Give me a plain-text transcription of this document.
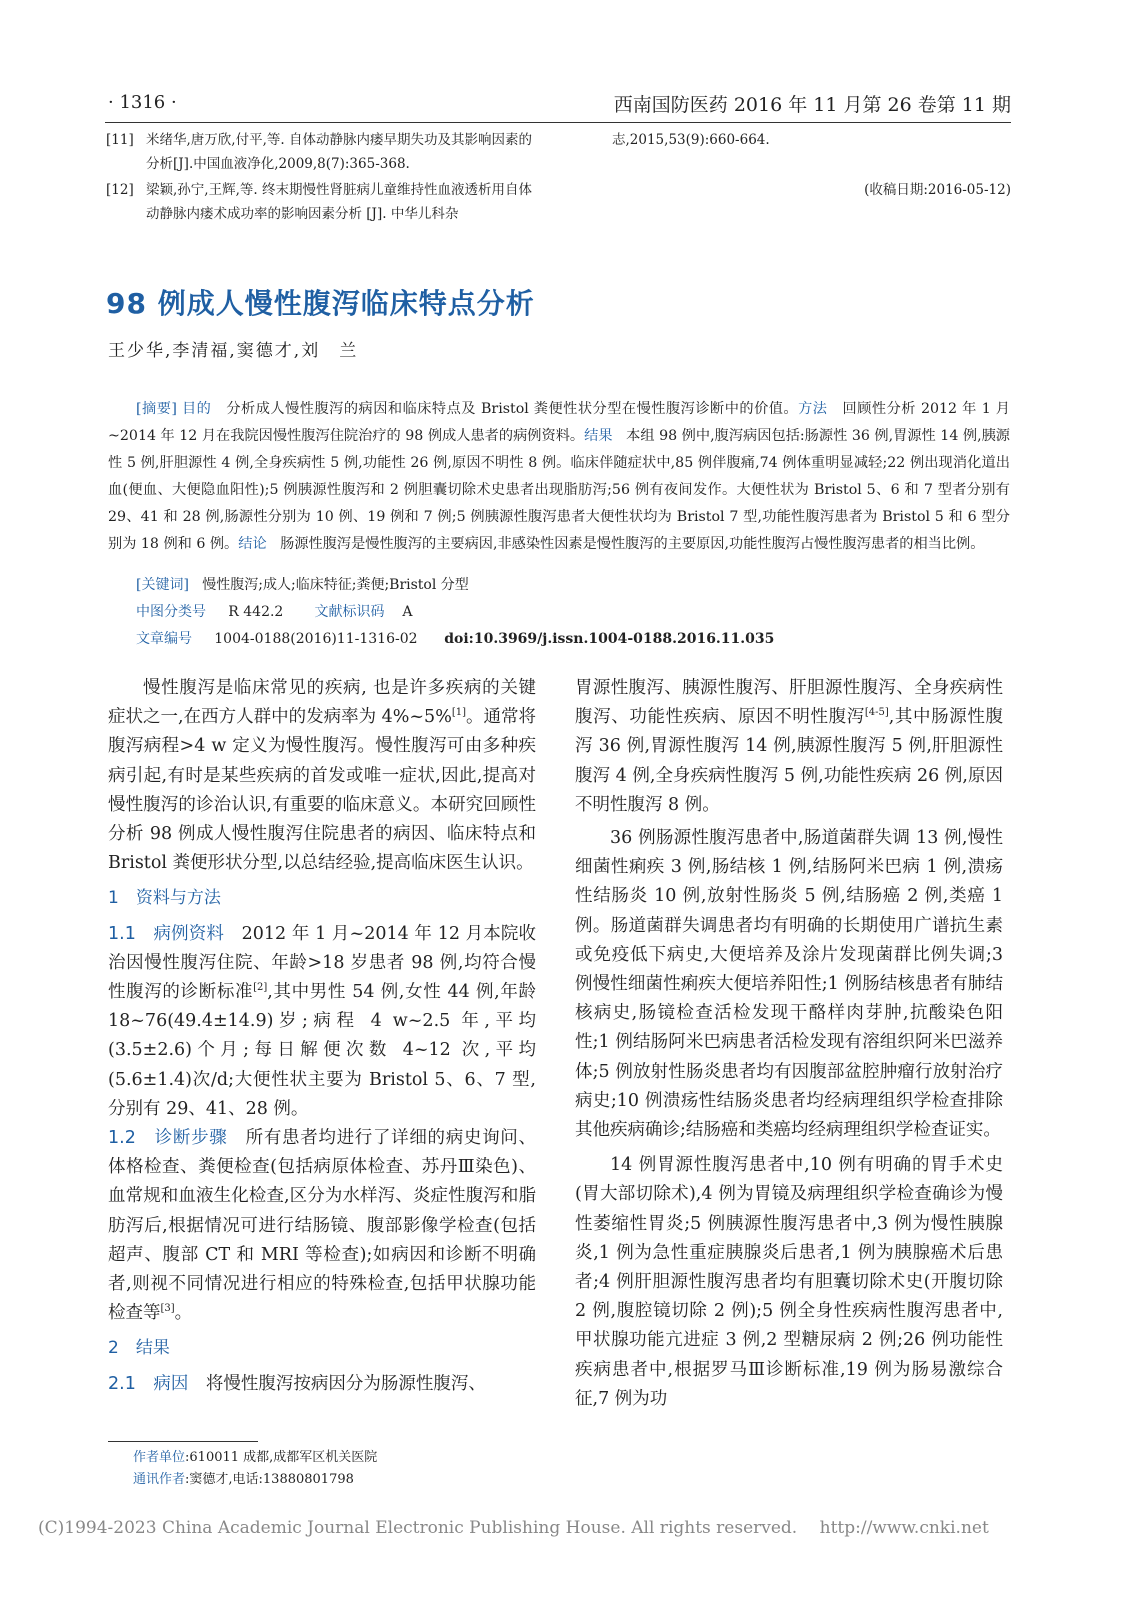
· 1316 ·	西南国防医药 2016 年 11 月第 26 卷第 11 期
[11] 米绪华,唐万欣,付平,等. 自体动静脉内瘘早期失功及其影响因素的分析[J].中国血液净化,2009,8(7):365-368.
[12] 梁颖,孙宁,王辉,等. 终末期慢性肾脏病儿童维持性血液透析用自体动静脉内瘘术成功率的影响因素分析 [J]. 中华儿科杂
志,2015,53(9):660-664.
(收稿日期:2016-05-12)
98 例成人慢性腹泻临床特点分析
王少华,李清福,窦德才,刘　兰
[摘要] 目的 分析成人慢性腹泻的病因和临床特点及 Bristol 粪便性状分型在慢性腹泻诊断中的价值。方法 回顾性分析 2012 年 1 月~2014 年 12 月在我院因慢性腹泻住院治疗的 98 例成人患者的病例资料。结果 本组 98 例中,腹泻病因包括:肠源性 36 例,胃源性 14 例,胰源性 5 例,肝胆源性 4 例,全身疾病性 5 例,功能性 26 例,原因不明性 8 例。临床伴随症状中,85 例伴腹痛,74 例体重明显减轻;22 例出现消化道出血(便血、大便隐血阳性);5 例胰源性腹泻和 2 例胆囊切除术史患者出现脂肪泻;56 例有夜间发作。大便性状为 Bristol 5、6 和 7 型者分别有 29、41 和 28 例,肠源性分别为 10 例、19 例和 7 例;5 例胰源性腹泻患者大便性状均为 Bristol 7 型,功能性腹泻患者为 Bristol 5 和 6 型分别为 18 例和 6 例。结论 肠源性腹泻是慢性腹泻的主要病因,非感染性因素是慢性腹泻的主要原因,功能性腹泻占慢性腹泻患者的相当比例。
[关键词] 慢性腹泻;成人;临床特征;粪便;Bristol 分型
中图分类号 R 442.2 文献标识码 A
文章编号 1004-0188(2016)11-1316-02 doi:10.3969/j.issn.1004-0188.2016.11.035

慢性腹泻是临床常见的疾病, 也是许多疾病的关键症状之一,在西方人群中的发病率为 4%~5%[1]。通常将腹泻病程>4 w 定义为慢性腹泻。慢性腹泻可由多种疾病引起,有时是某些疾病的首发或唯一症状,因此,提高对慢性腹泻的诊治认识,有重要的临床意义。本研究回顾性分析 98 例成人慢性腹泻住院患者的病因、临床特点和 Bristol 粪便形状分型,以总结经验,提高临床医生认识。

1　资料与方法

1.1　病例资料　2012 年 1 月~2014 年 12 月本院收治因慢性腹泻住院、年龄>18 岁患者 98 例,均符合慢性腹泻的诊断标准[2],其中男性 54 例,女性 44 例,年龄 18~76(49.4±14.9)岁;病程 4 w~2.5 年,平均(3.5±2.6)个月;每日解便次数 4~12 次,平均(5.6±1.4)次/d;大便性状主要为 Bristol 5、6、7 型,分别有 29、41、28 例。

1.2　诊断步骤　所有患者均进行了详细的病史询问、体格检查、粪便检查(包括病原体检查、苏丹Ⅲ染色)、血常规和血液生化检查,区分为水样泻、炎症性腹泻和脂肪泻后,根据情况可进行结肠镜、腹部影像学检查(包括超声、腹部 CT 和 MRI 等检查);如病因和诊断不明确者,则视不同情况进行相应的特殊检查,包括甲状腺功能检查等[3]。

2　结果

2.1　病因　将慢性腹泻按病因分为肠源性腹泻、

胃源性腹泻、胰源性腹泻、肝胆源性腹泻、全身疾病性腹泻、功能性疾病、原因不明性腹泻[4-5],其中肠源性腹泻 36 例,胃源性腹泻 14 例,胰源性腹泻 5 例,肝胆源性腹泻 4 例,全身疾病性腹泻 5 例,功能性疾病 26 例,原因不明性腹泻 8 例。

36 例肠源性腹泻患者中,肠道菌群失调 13 例,慢性细菌性痢疾 3 例,肠结核 1 例,结肠阿米巴病 1 例,溃疡性结肠炎 10 例,放射性肠炎 5 例,结肠癌 2 例,类癌 1 例。肠道菌群失调患者均有明确的长期使用广谱抗生素或免疫低下病史,大便培养及涂片发现菌群比例失调;3 例慢性细菌性痢疾大便培养阳性;1 例肠结核患者有肺结核病史,肠镜检查活检发现干酪样肉芽肿,抗酸染色阳性;1 例结肠阿米巴病患者活检发现有溶组织阿米巴滋养体;5 例放射性肠炎患者均有因腹部盆腔肿瘤行放射治疗病史;10 例溃疡性结肠炎患者均经病理组织学检查排除其他疾病确诊;结肠癌和类癌均经病理组织学检查证实。

14 例胃源性腹泻患者中,10 例有明确的胃手术史 (胃大部切除术),4 例为胃镜及病理组织学检查确诊为慢性萎缩性胃炎;5 例胰源性腹泻患者中,3 例为慢性胰腺炎,1 例为急性重症胰腺炎后患者,1 例为胰腺癌术后患者;4 例肝胆源性腹泻患者均有胆囊切除术史(开腹切除 2 例,腹腔镜切除 2 例);5 例全身性疾病性腹泻患者中, 甲状腺功能亢进症 3 例,2 型糖尿病 2 例;26 例功能性疾病患者中,根据罗马Ⅲ诊断标准,19 例为肠易激综合征,7 例为功

作者单位:610011 成都,成都军区机关医院
通讯作者:窦德才,电话:13880801798
(C)1994-2023 China Academic Journal Electronic Publishing House. All rights reserved.　 http://www.cnki.net
